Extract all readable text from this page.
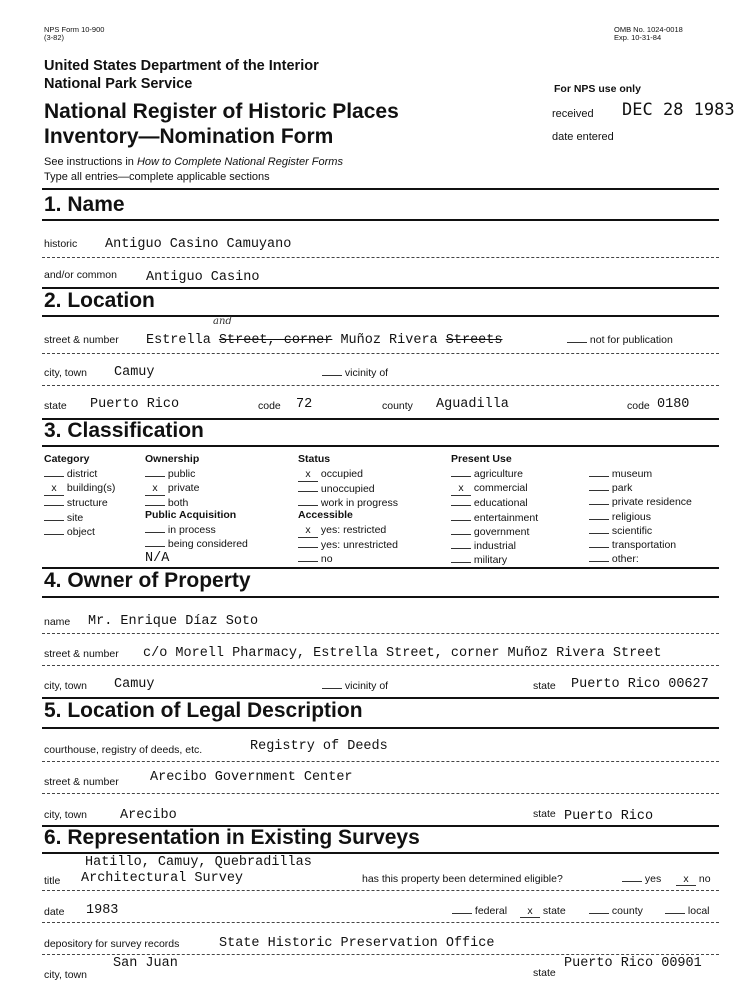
NPS Form 10-900
(3-82)
OMB No. 1024-0018
Exp. 10-31-84
United States Department of the Interior
National Park Service
National Register of Historic Places
Inventory—Nomination Form
See instructions in How to Complete National Register Forms
Type all entries—complete applicable sections
For NPS use only
received DEC 28 1983
date entered
1. Name
historic Antiguo Casino Camuyano
and/or common Antiguo Casino
2. Location
street & number
and
Estrella Street, corner Muñoz Rivera Streets	not for publication
city, town Camuy	vicinity of
state Puerto Rico	code 72	county Aguadilla	code 0180
3. Classification
Category
district
x building(s)
structure
site
object
Ownership
public
x private
both
Public Acquisition
in process
being considered
N/A
Status
x occupied
unoccupied
work in progress
Accessible
x yes: restricted
yes: unrestricted
no
Present Use
agriculture
x commercial
educational
entertainment
government
industrial
military
museum
park
private residence
religious
scientific
transportation
other:
4. Owner of Property
name Mr. Enrique Díaz Soto
street & number c/o Morell Pharmacy, Estrella Street, corner Muñoz Rivera Street
city, town Camuy	vicinity of	state Puerto Rico 00627
5. Location of Legal Description
courthouse, registry of deeds, etc.	Registry of Deeds
street & number Arecibo Government Center
city, town Arecibo	state Puerto Rico
6. Representation in Existing Surveys
Hatillo, Camuy, Quebradillas
title Architectural Survey	has this property been determined eligible?	yes	x no
date 1983	federal	x state	county	local
depository for survey records	State Historic Preservation Office
San Juan
city, town
Puerto Rico 00901
state
